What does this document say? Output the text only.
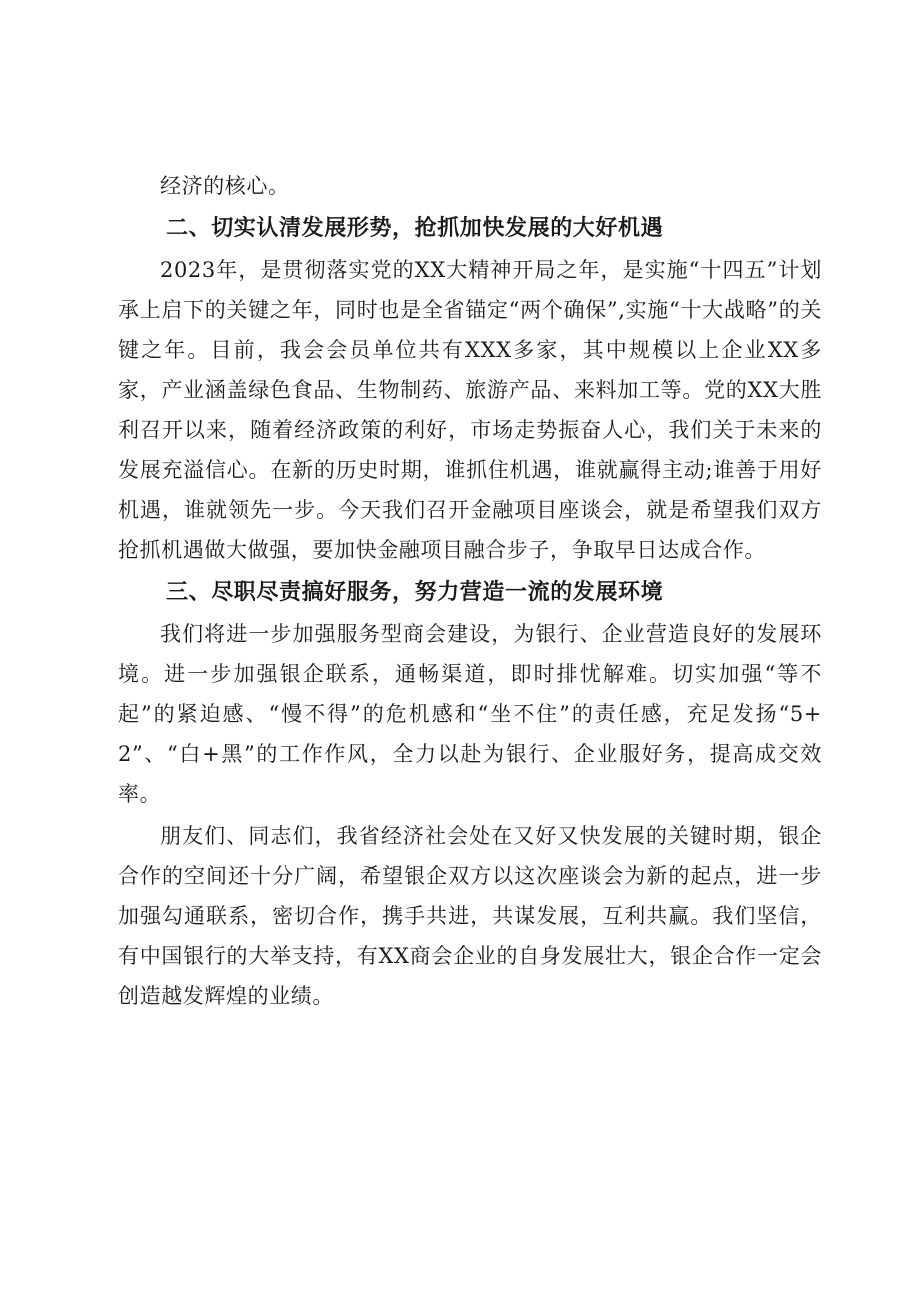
经济的核心。

二、切实认清发展形势，抢抓加快发展的大好机遇

2023年，是贯彻落实党的XX大精神开局之年，是实施“十四五”计划承上启下的关键之年，同时也是全省锚定“两个确保”,实施“十大战略”的关键之年。目前，我会会员单位共有XXX多家，其中规模以上企业XX多家，产业涵盖绿色食品、生物制药、旅游产品、来料加工等。党的XX大胜利召开以来，随着经济政策的利好，市场走势振奋人心，我们关于未来的发展充溢信心。在新的历史时期，谁抓住机遇，谁就赢得主动;谁善于用好机遇，谁就领先一步。今天我们召开金融项目座谈会，就是希望我们双方抢抓机遇做大做强，要加快金融项目融合步子，争取早日达成合作。

三、尽职尽责搞好服务，努力营造一流的发展环境

我们将进一步加强服务型商会建设，为银行、企业营造良好的发展环境。进一步加强银企联系，通畅渠道，即时排忧解难。切实加强“等不起”的紧迫感、“慢不得”的危机感和“坐不住”的责任感，充足发扬“5+2”、“白+黑”的工作作风，全力以赴为银行、企业服好务，提高成交效率。

朋友们、同志们，我省经济社会处在又好又快发展的关键时期，银企合作的空间还十分广阔，希望银企双方以这次座谈会为新的起点，进一步加强勾通联系，密切合作，携手共进，共谋发展，互利共赢。我们坚信，有中国银行的大举支持，有XX商会企业的自身发展壮大，银企合作一定会创造越发辉煌的业绩。
